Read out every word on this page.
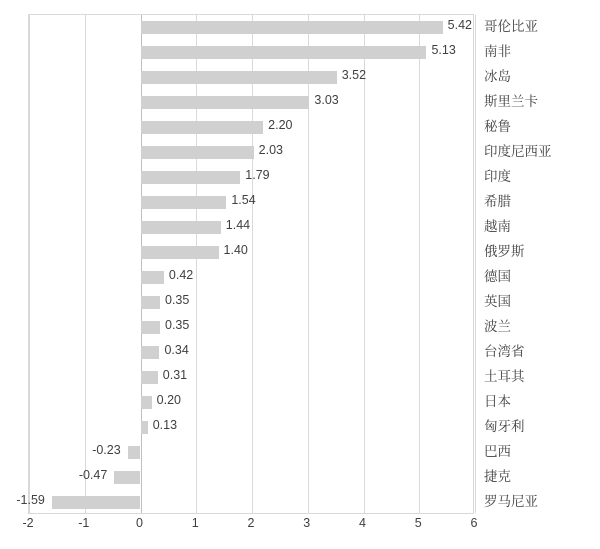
5.42
5.13
3.52
3.03
2.20
2.03
1.79
1.54
1.44
1.40
0.42
0.35
0.35
0.34
0.31
0.20
0.13
-0.23
-0.47
-1.59
-2	-1	0	1	2	3	4	5	6
哥伦比亚
南非
冰岛
斯里兰卡
秘鲁
印度尼西亚
印度
希腊
越南
俄罗斯
德国
英国
波兰
台湾省
土耳其
日本
匈牙利
巴西
捷克
罗马尼亚
